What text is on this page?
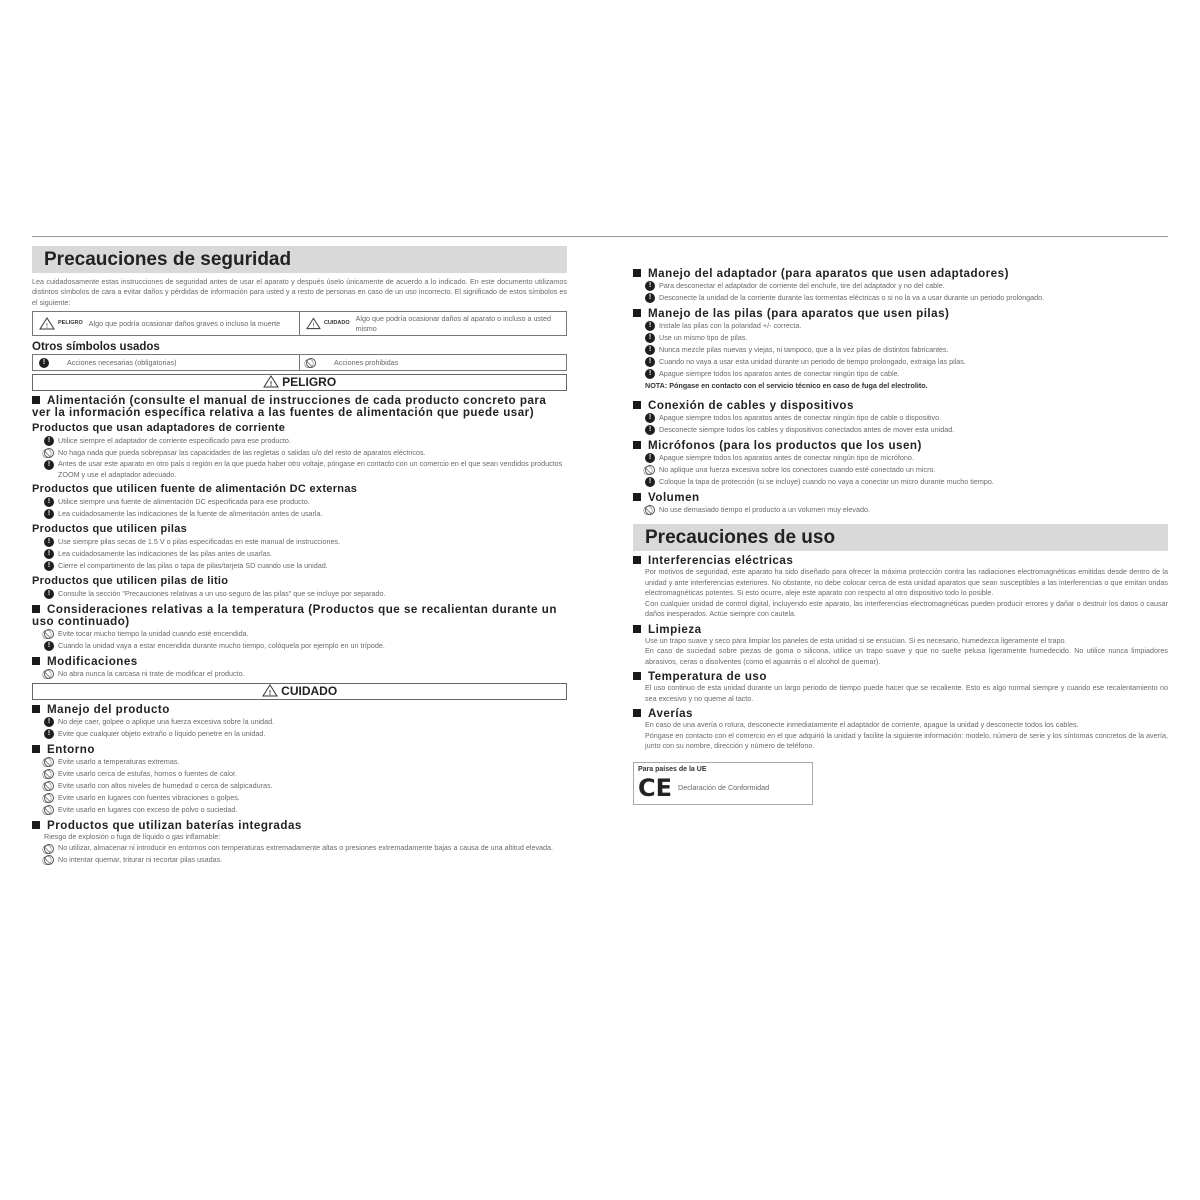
Precauciones de seguridad
Lea cuidadosamente estas instrucciones de seguridad antes de usar el aparato y después úselo únicamente de acuerdo a lo indicado. En este documento utilizamos distintos símbolos de cara a evitar daños y pérdidas de información para usted y a resto de personas en caso de un uso incorrecto. El significado de estos símbolos es el siguiente:
!
PELIGRO Algo que podría ocasionar daños graves o incluso la muerte	! CUIDADO Algo que podría ocasionar daños al aparato o incluso a usted mismo
Otros símbolos usados
!	Acciones necesarias (obligatorias)	Acciones prohibidas
! PELIGRO
Alimentación (consulte el manual de instrucciones de cada producto concreto para ver la información específica relativa a las fuentes de alimentación que puede usar)
Productos que usan adaptadores de corriente
!	Utilice siempre el adaptador de corriente especificado para ese producto.
No haga nada que pueda sobrepasar las capacidades de las regletas o salidas u/o del resto de aparatos eléctricos.
!	Antes de usar este aparato en otro país o región en la que pueda haber otro voltaje, póngase en contacto con un comercio en el que sean vendidos productos ZOOM y use el adaptador adecuado.
Productos que utilicen fuente de alimentación DC externas
!	Utilice siempre una fuente de alimentación DC especificada para ese producto.
!	Lea cuidadosamente las indicaciones de la fuente de alimentación antes de usarla.
Productos que utilicen pilas
!	Use siempre pilas secas de 1.5 V o pilas especificadas en este manual de instrucciones.
!	Lea cuidadosamente las indicaciones de las pilas antes de usarlas.
!	Cierre el compartimento de las pilas o tapa de pilas/tarjeta SD cuando use la unidad.
Productos que utilicen pilas de litio
!	Consulte la sección "Precauciones relativas a un uso seguro de las pilas" que se incluye por separado.
Consideraciones relativas a la temperatura (Productos que se recalientan durante un uso continuado)
Evite tocar mucho tiempo la unidad cuando esté encendida.
!	Cuando la unidad vaya a estar encendida durante mucho tiempo, colóquela por ejemplo en un trípode.
Modificaciones
No abra nunca la carcasa ni trate de modificar el producto.
! CUIDADO
Manejo del producto
!	No deje caer, golpee o aplique una fuerza excesiva sobre la unidad.
!	Evite que cualquier objeto extraño o líquido penetre en la unidad.
Entorno
Evite usarlo a temperaturas extremas.
Evite usarlo cerca de estufas, hornos o fuentes de calor.
Evite usarlo con altos niveles de humedad o cerca de salpicaduras.
Evite usarlo en lugares con fuentes vibraciones o golpes.
Evite usarlo en lugares con exceso de polvo o suciedad.
Productos que utilizan baterías integradas
Riesgo de explosión o fuga de líquido o gas inflamable:
No utilizar, almacenar ni introducir en entornos con temperaturas extremadamente altas o presiones extremadamente bajas a causa de una altitud elevada.
No intentar quemar, triturar ni recortar pilas usadas.
Manejo del adaptador (para aparatos que usen adaptadores)
!	Para desconectar el adaptador de corriente del enchufe, tire del adaptador y no del cable.
!	Desconecte la unidad de la corriente durante las tormentas eléctricas o si no la va a usar durante un periodo prolongado.
Manejo de las pilas (para aparatos que usen pilas)
!	Instale las pilas con la polaridad +/- correcta.
!	Use un mismo tipo de pilas.
!	Nunca mezcle pilas nuevas y viejas, ni tampoco, que a la vez pilas de distintos fabricantes.
!	Cuando no vaya a usar esta unidad durante un periodo de tiempo prolongado, extraiga las pilas.
!	Apague siempre todos los aparatos antes de conectar ningún tipo de cable.
NOTA: Póngase en contacto con el servicio técnico en caso de fuga del electrolito.
Conexión de cables y dispositivos
!	Apague siempre todos los aparatos antes de conectar ningún tipo de cable o dispositivo.
!	Desconecte siempre todos los cables y dispositivos conectados antes de mover esta unidad.
Micrófonos (para los productos que los usen)
!	Apague siempre todos los aparatos antes de conectar ningún tipo de micrófono.
No aplique una fuerza excesiva sobre los conectores cuando esté conectado un micro.
!	Coloque la tapa de protección (si se incluye) cuando no vaya a conectar un micro durante mucho tiempo.
Volumen
No use demasiado tiempo el producto a un volumen muy elevado.
Precauciones de uso
Interferencias eléctricas
Por motivos de seguridad, este aparato ha sido diseñado para ofrecer la máxima protección contra las radiaciones electromagnéticas emitidas desde dentro de la unidad y ante interferencias exteriores. No obstante, no debe colocar cerca de esta unidad aparatos que sean susceptibles a las interferencias o que emitan ondas electromagnéticas potentes. Si esto ocurre, aleje este aparato con respecto al otro dispositivo todo lo posible.
Con cualquier unidad de control digital, incluyendo este aparato, las interferencias electromagnéticas pueden producir errores y dañar o destruir los datos o causar daños inesperados. Actúe siempre con cautela.
Limpieza
Use un trapo suave y seco para limpiar los paneles de esta unidad si se ensucian. Si es necesario, humedezca ligeramente el trapo.
En caso de suciedad sobre piezas de goma o silicona, utilice un trapo suave y que no suelte pelusa ligeramente humedecido. No utilice nunca limpiadores abrasivos, ceras o disolventes (como el aguarrás o el alcohol de quemar).
Temperatura de uso
El uso continuo de esta unidad durante un largo periodo de tiempo puede hacer que se recaliente. Esto es algo normal siempre y cuando ese recalentamiento no sea excesivo y no queme al tacto.
Averías
En caso de una avería o rotura, desconecte inmediatamente el adaptador de corriente, apague la unidad y desconecte todos los cables.
Póngase en contacto con el comercio en el que adquirió la unidad y facilite la siguiente información: modelo, número de serie y los síntomas concretos de la avería, junto con su nombre, dirección y número de teléfono.
Para países de la UE
CE Declaración de Conformidad
